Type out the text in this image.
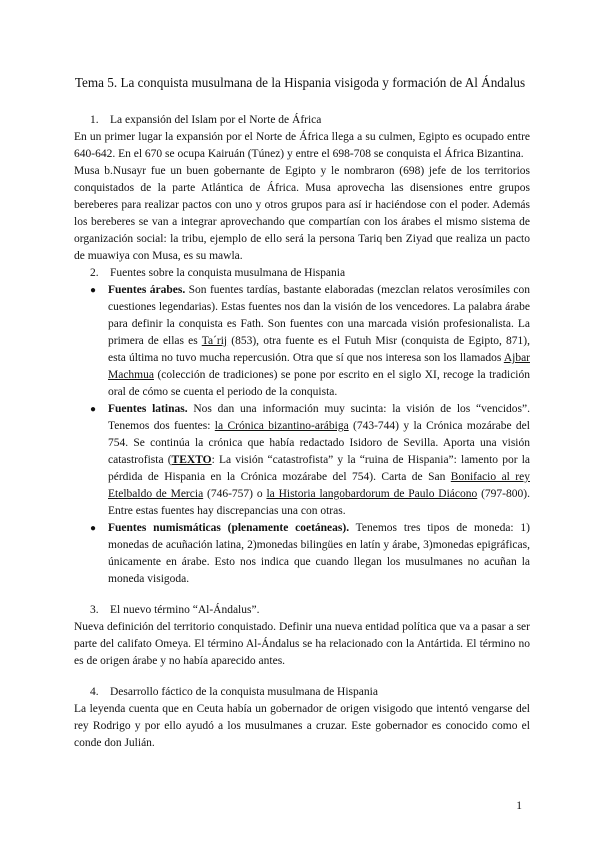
Tema 5. La conquista musulmana de la Hispania visigoda y formación de Al Ándalus

1. La expansión del Islam por el Norte de África

En un primer lugar la expansión por el Norte de África llega a su culmen, Egipto es ocupado entre 640-642. En el 670 se ocupa Kairuán (Túnez) y entre el 698-708 se conquista el África Bizantina.

Musa b.Nusayr fue un buen gobernante de Egipto y le nombraron (698) jefe de los territorios conquistados de la parte Atlántica de África. Musa aprovecha las disensiones entre grupos bereberes para realizar pactos con uno y otros grupos para así ir haciéndose con el poder. Además los bereberes se van a integrar aprovechando que compartían con los árabes el mismo sistema de organización social: la tribu, ejemplo de ello será la persona Tariq ben Ziyad que realiza un pacto de muawiya con Musa, es su mawla.

2. Fuentes sobre la conquista musulmana de Hispania

● Fuentes árabes. Son fuentes tardías, bastante elaboradas (mezclan relatos verosímiles con cuestiones legendarias). Estas fuentes nos dan la visión de los vencedores. La palabra árabe para definir la conquista es Fath. Son fuentes con una marcada visión profesionalista. La primera de ellas es Ta´rij (853), otra fuente es el Futuh Misr (conquista de Egipto, 871), esta última no tuvo mucha repercusión. Otra que sí que nos interesa son los llamados Ajbar Machmua (colección de tradiciones) se pone por escrito en el siglo XI, recoge la tradición oral de cómo se cuenta el periodo de la conquista.
● Fuentes latinas. Nos dan una información muy sucinta: la visión de los “vencidos”. Tenemos dos fuentes: la Crónica bizantino-arábiga (743-744) y la Crónica mozárabe del 754. Se continúa la crónica que había redactado Isidoro de Sevilla. Aporta una visión catastrofista (TEXTO: La visión “catastrofista” y la “ruina de Hispania”: lamento por la pérdida de Hispania en la Crónica mozárabe del 754). Carta de San Bonifacio al rey Etelbaldo de Mercia (746-757) o la Historia langobardorum de Paulo Diácono (797-800). Entre estas fuentes hay discrepancias una con otras.
● Fuentes numismáticas (plenamente coetáneas). Tenemos tres tipos de moneda: 1) monedas de acuñación latina, 2)monedas bilingües en latín y árabe, 3)monedas epigráficas, únicamente en árabe. Esto nos indica que cuando llegan los musulmanes no acuñan la moneda visigoda.

3. El nuevo término “Al-Ándalus”.

Nueva definición del territorio conquistado. Definir una nueva entidad política que va a pasar a ser parte del califato Omeya. El término Al-Ándalus se ha relacionado con la Antártida. El término no es de origen árabe y no había aparecido antes.

4. Desarrollo fáctico de la conquista musulmana de Hispania

La leyenda cuenta que en Ceuta había un gobernador de origen visigodo que intentó vengarse del rey Rodrigo y por ello ayudó a los musulmanes a cruzar. Este gobernador es conocido como el conde don Julián.

1
